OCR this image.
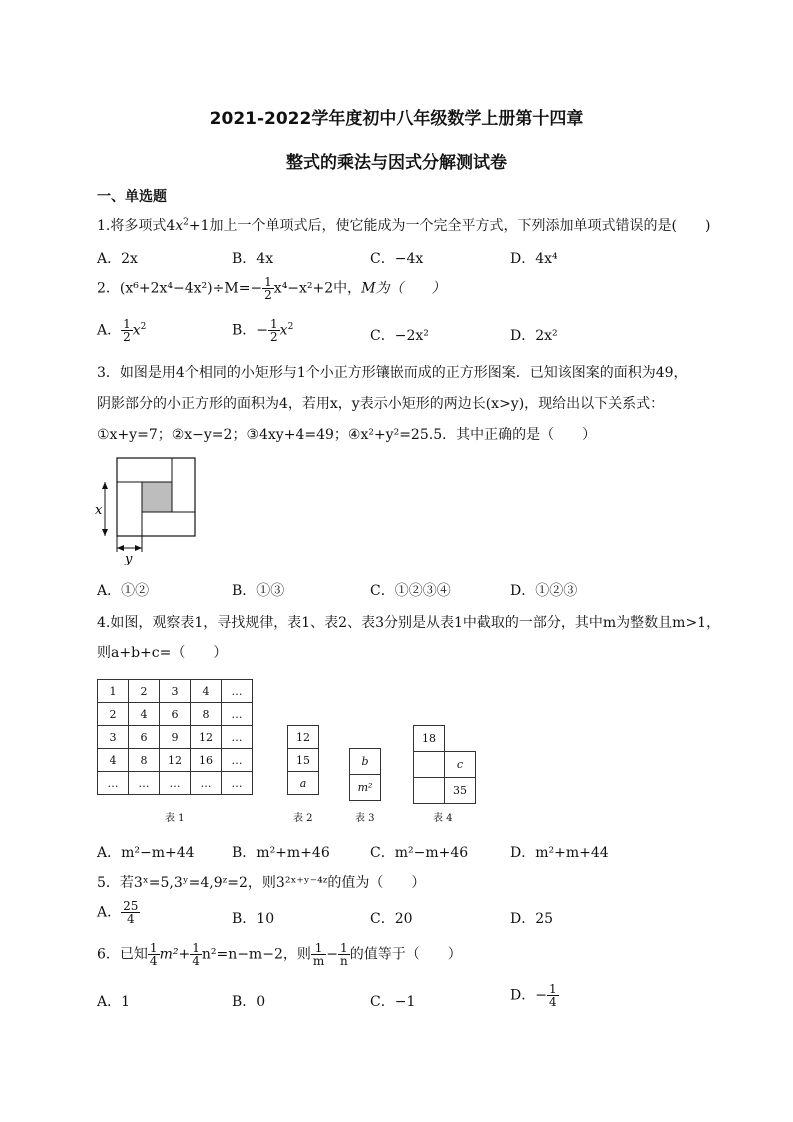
2021-2022学年度初中八年级数学上册第十四章
整式的乘法与因式分解测试卷
一、单选题
1.将多项式$4x^2+1$加上一个单项式后，使它能成为一个完全平方式，下列添加单项式错误的是(　　)
A．2x	B．4x	C．−4x	D．4x⁴
2．$(x^6+2x^4-4x^2)\div M=- \frac{1}{2} x^4-x^2+2$中，M为（　　）
A． $\frac{1}{2} x^2$	B．− $\frac{1}{2} x^2$
C．−2x²	D．2x²
3．如图是用4个相同的小矩形与1个小正方形镶嵌而成的正方形图案．已知该图案的面积为49，
阴影部分的小正方形的面积为4，若用x，y表示小矩形的两边长(x>y)，现给出以下关系式：
①x+y=7；②x−y=2；③4xy+4=49；④x²+y²=25.5．其中正确的是（　　）
x
y
A．①②	B．①③	C．①②③④	D．①②③
4.如图，观察表1，寻找规律，表1、表2、表3分别是从表1中截取的一部分，其中m为整数且m>1，
则a+b+c=（　　）
1	2	3	4	…
2	4	6	8	…
3	6	9	12	…
4	8	12	16	…
…	…	…	…	…
12
15
a
b
m²
18	
	c
	35
表 1	表 2	表 3	表 4
A．m²−m+44	B．m²+m+46	C．m²−m+46	D．m²+m+44
5．若3ˣ=5,3ʸ=4,9ᶻ=2，则3²ˣ⁺ʸ⁻⁴ᶻ的值为（　　）
A． $\frac{25}{4}$	B．10	C．20	D．25
6．已知 $\frac{1}{4} m^2+ \frac{1}{4} n^2=n-m-2$，则 $\frac{1}{m} - \frac{1}{n}$ 的值等于（　　）
A．1	B．0	C．−1	D．− $\frac{1}{4}$
